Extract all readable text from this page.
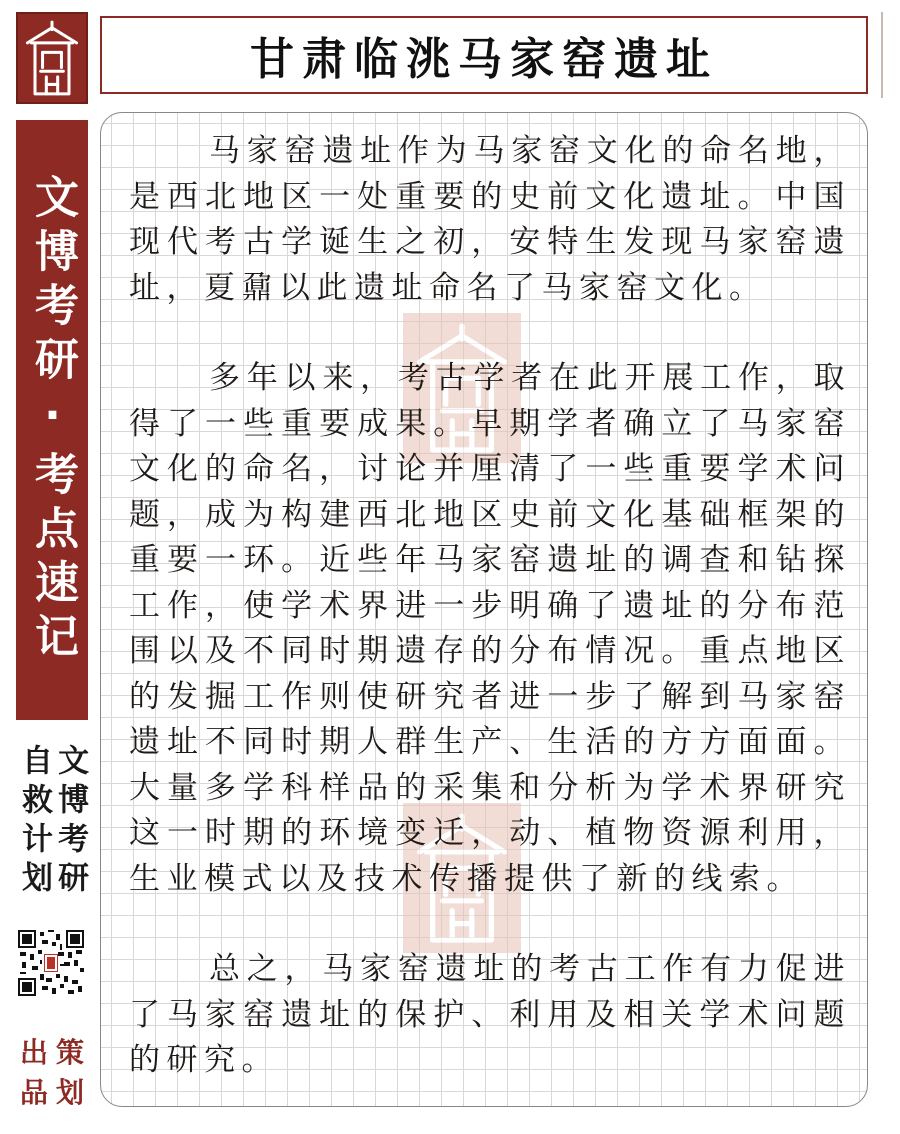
甘肃临洮马家窑遗址
文博考研·考点速记
文博考研
自救计划
出 策
品 划

马家窑遗址作为马家窑文化的命名地，是西北地区一处重要的史前文化遗址。中国现代考古学诞生之初，安特生发现马家窑遗址，夏鼐以此遗址命名了马家窑文化。

多年以来，考古学者在此开展工作，取得了一些重要成果。早期学者确立了马家窑文化的命名，讨论并厘清了一些重要学术问题，成为构建西北地区史前文化基础框架的重要一环。近些年马家窑遗址的调查和钻探工作，使学术界进一步明确了遗址的分布范围以及不同时期遗存的分布情况。重点地区的发掘工作则使研究者进一步了解到马家窑遗址不同时期人群生产、生活的方方面面。大量多学科样品的采集和分析为学术界研究这一时期的环境变迁，动、植物资源利用，生业模式以及技术传播提供了新的线索。

总之，马家窑遗址的考古工作有力促进了马家窑遗址的保护、利用及相关学术问题的研究。
